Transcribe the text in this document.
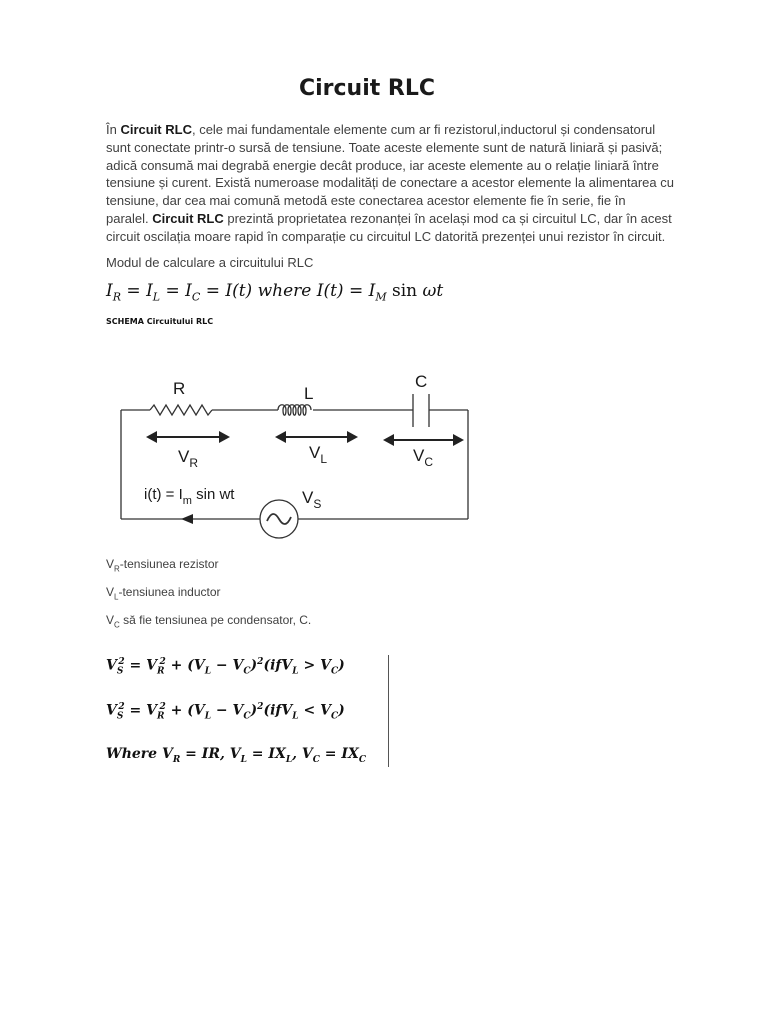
Circuit RLC
În Circuit RLC, cele mai fundamentale elemente cum ar fi rezistorul,inductorul și condensatorul
sunt conectate printr-o sursă de tensiune. Toate aceste elemente sunt de natură liniară și pasivă;
adică consumă mai degrabă energie decât produce, iar aceste elemente au o relație liniară între
tensiune și curent. Există numeroase modalități de conectare a acestor elemente la alimentarea cu
tensiune, dar cea mai comună metodă este conectarea acestor elemente fie în serie, fie în
paralel. Circuit RLC prezintă proprietatea rezonanței în același mod ca și circuitul LC, dar în acest
circuit oscilația moare rapid în comparație cu circuitul LC datorită prezenței unui rezistor în circuit.
Modul de calculare a circuitului RLC
$I_R = I_L = I_C = I(t)$ where $I(t) = I_M$ sin ωt
SCHEMA Circuitului RLC
R	L
C
$V_R$
$V_L$	$V_C$
$V_S$
$i(t) = I_m$ sin wt
$V_R$-tensiunea rezistor
$V_L$-tensiunea inductor
$V_C$ să fie tensiunea pe condensator, C.
$V_S^2 = V_R^2 + (V_L - V_C)^2(ifV_L > V_C)$
$V_S^2 = V_R^2 + (V_L - V_C)^2(ifV_L < V_C)$
Where $V_R$ = IR, $V_L = IX_L$, $V_C = IX_C$
